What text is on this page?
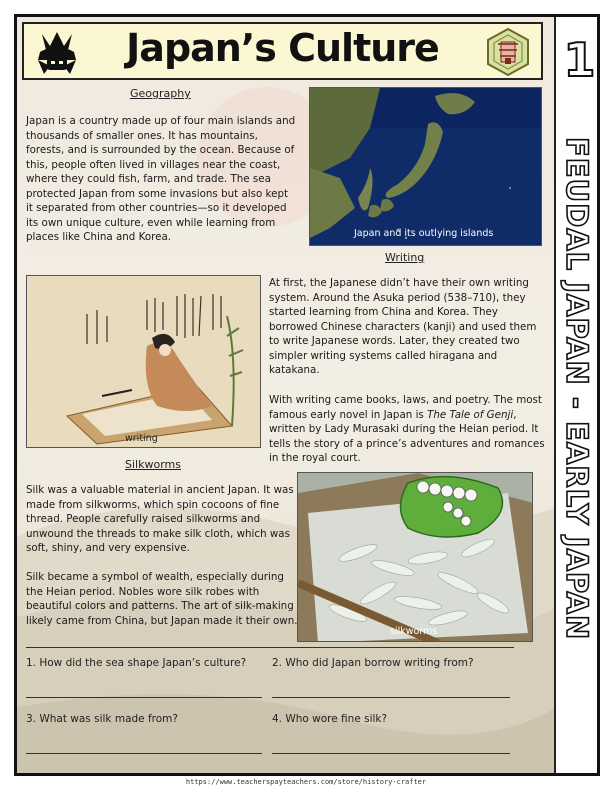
Japan’s Culture
Geography
Japan is a country made up of four main islands and thousands of smaller ones. It has mountains, forests, and is surrounded by the ocean. Because of this, people often lived in villages near the coast, where they could fish, farm, and trade. The sea protected Japan from some invasions but also kept it separated from other countries—so it developed its own unique culture, even while learning from places like China and Korea.	Japan and its outlying islands
Writing
At first, the Japanese didn’t have their own writing system. Around the Asuka period (538–710), they started learning from China and Korea. They borrowed Chinese characters (kanji) and used them to write Japanese words. Later, they created two simpler writing systems called hiragana and katakana.
With writing came books, laws, and poetry. The most famous early novel in Japan is The Tale of Genji, written by Lady Murasaki during the Heian period. It tells the story of a prince’s adventures and romances in the royal court.
writing
Silkworms
Silk was a valuable material in ancient Japan. It was made from silkworms, which spin cocoons of fine thread. People carefully raised silkworms and unwound the threads to make silk cloth, which was soft, shiny, and very expensive.
Silk became a symbol of wealth, especially during the Heian period. Nobles wore silk robes with beautiful colors and patterns. The art of silk-making likely came from China, but Japan made it their own.
silkworms
1
FEUDAL JAPAN - EARLY JAPAN
1. How did the sea shape Japan’s culture? 2. Who did Japan borrow writing from?
3. What was silk made from?	4. Who wore fine silk?
https://www.teacherspayteachers.com/store/history-crafter
